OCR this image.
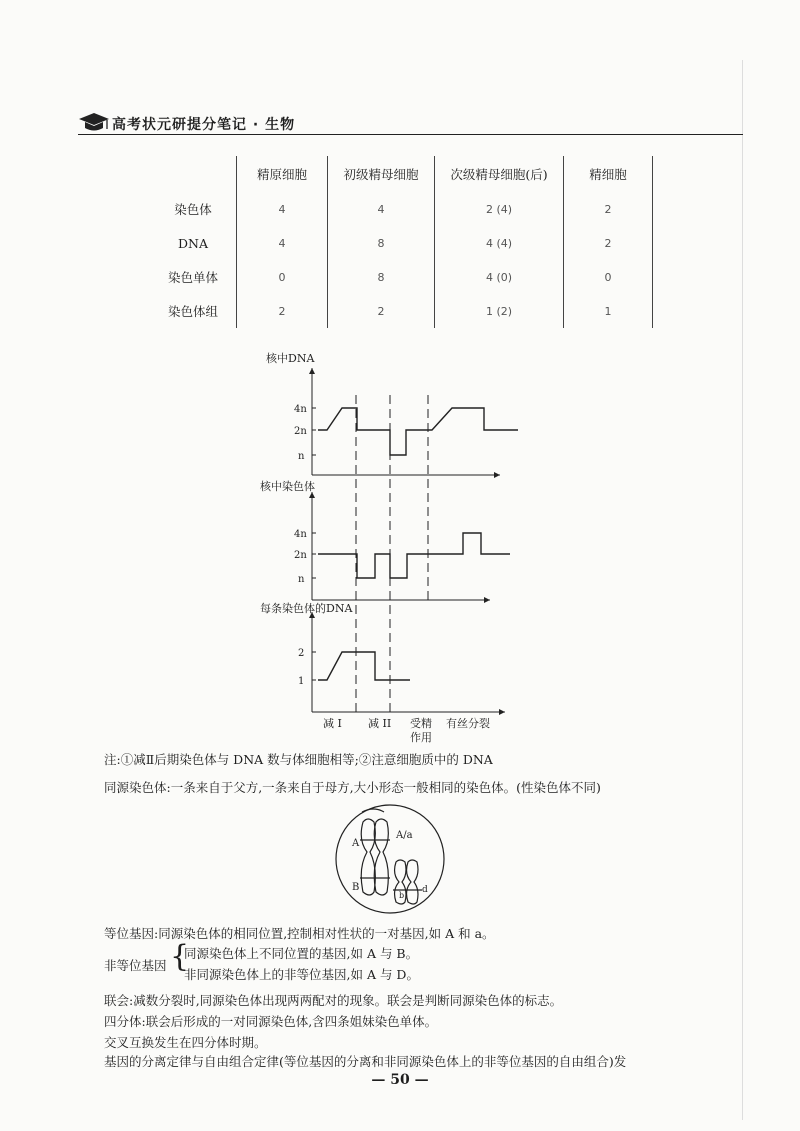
高考状元研提分笔记 · 生物
	精原细胞	初级精母细胞	次级精母细胞(后)	精细胞
染色体	4	4	2 (4)	2
DNA	4	8	4 (4)	2
染色单体	0	8	4 (0)	0
染色体组	2	2	1 (2)	1
核中DNA
核中染色体
每条染色体的DNA
4n
2n
n
4n
2n
n
2
1
减 I 减 II 受精
作用
有丝分裂
注:①减Ⅱ后期染色体与 DNA 数与体细胞相等;②注意细胞质中的 DNA
同源染色体:一条来自于父方,一条来自于母方,大小形态一般相同的染色体。(性染色体不同)
A
A/a
B
b
d
等位基因:同源染色体的相同位置,控制相对性状的一对基因,如 A 和 a。
非等位基因 {
同源染色体上不同位置的基因,如 A 与 B。
非同源染色体上的非等位基因,如 A 与 D。
联会:减数分裂时,同源染色体出现两两配对的现象。联会是判断同源染色体的标志。
四分体:联会后形成的一对同源染色体,含四条姐妹染色单体。
交叉互换发生在四分体时期。
基因的分离定律与自由组合定律(等位基因的分离和非同源染色体上的非等位基因的自由组合)发
— 50 —
